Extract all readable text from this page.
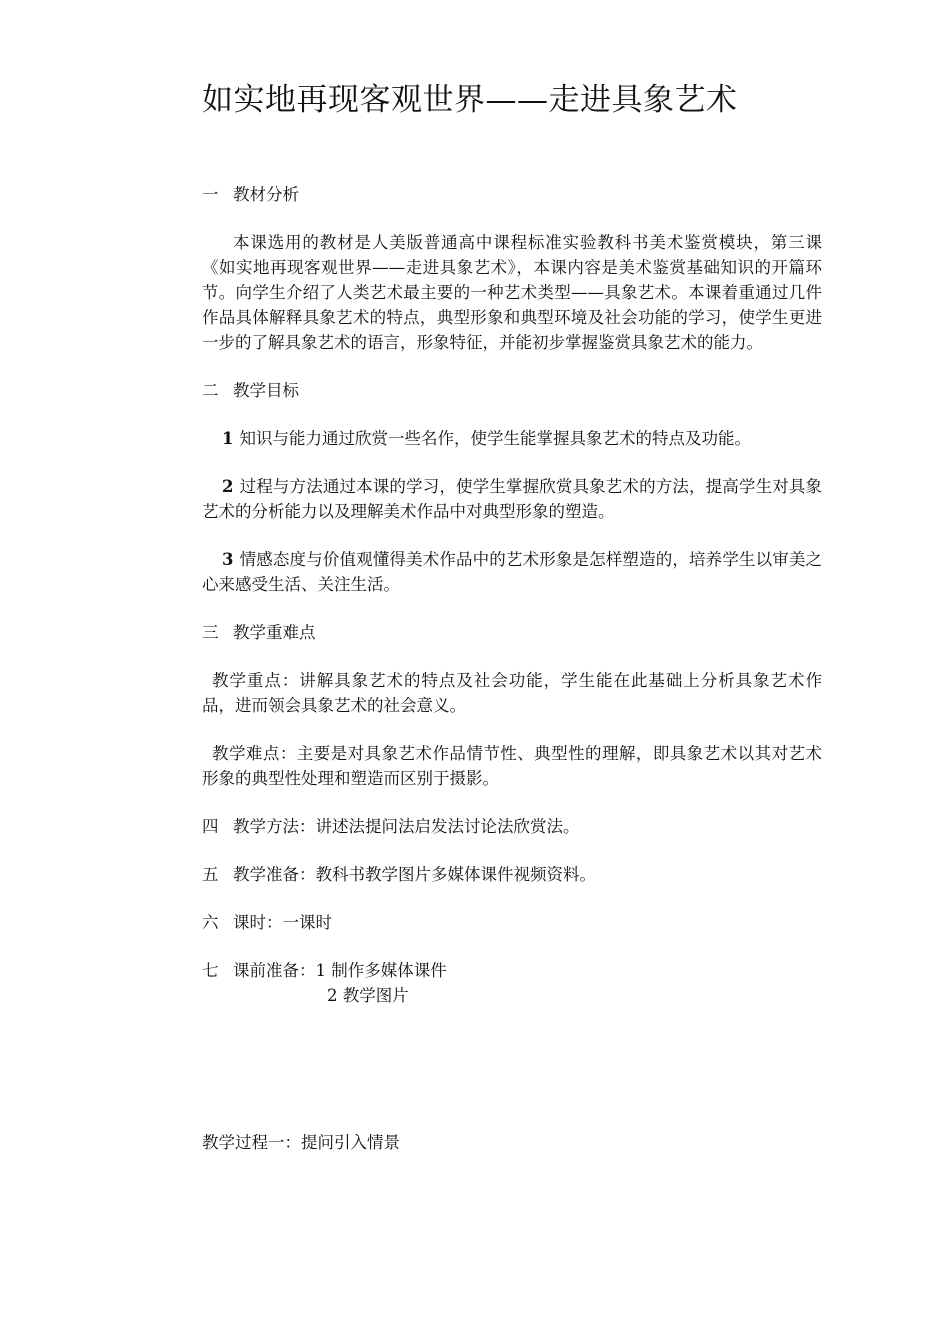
如实地再现客观世界——走进具象艺术
一 教材分析
本课选用的教材是人美版普通高中课程标准实验教科书美术鉴赏模块，第三课《如实地再现客观世界——走进具象艺术》，本课内容是美术鉴赏基础知识的开篇环节。向学生介绍了人类艺术最主要的一种艺术类型——具象艺术。本课着重通过几件作品具体解释具象艺术的特点，典型形象和典型环境及社会功能的学习，使学生更进一步的了解具象艺术的语言，形象特征，并能初步掌握鉴赏具象艺术的能力。
二 教学目标
1 知识与能力通过欣赏一些名作，使学生能掌握具象艺术的特点及功能。
2 过程与方法通过本课的学习，使学生掌握欣赏具象艺术的方法，提高学生对具象艺术的分析能力以及理解美术作品中对典型形象的塑造。
3 情感态度与价值观懂得美术作品中的艺术形象是怎样塑造的，培养学生以审美之心来感受生活、关注生活。
三 教学重难点
教学重点：讲解具象艺术的特点及社会功能，学生能在此基础上分析具象艺术作品，进而领会具象艺术的社会意义。
教学难点：主要是对具象艺术作品情节性、典型性的理解，即具象艺术以其对艺术形象的典型性处理和塑造而区别于摄影。
四 教学方法：讲述法提问法启发法讨论法欣赏法。
五 教学准备：教科书教学图片多媒体课件视频资料。
六 课时：一课时
七 课前准备：1 制作多媒体课件
2 教学图片
教学过程一：提问引入情景
